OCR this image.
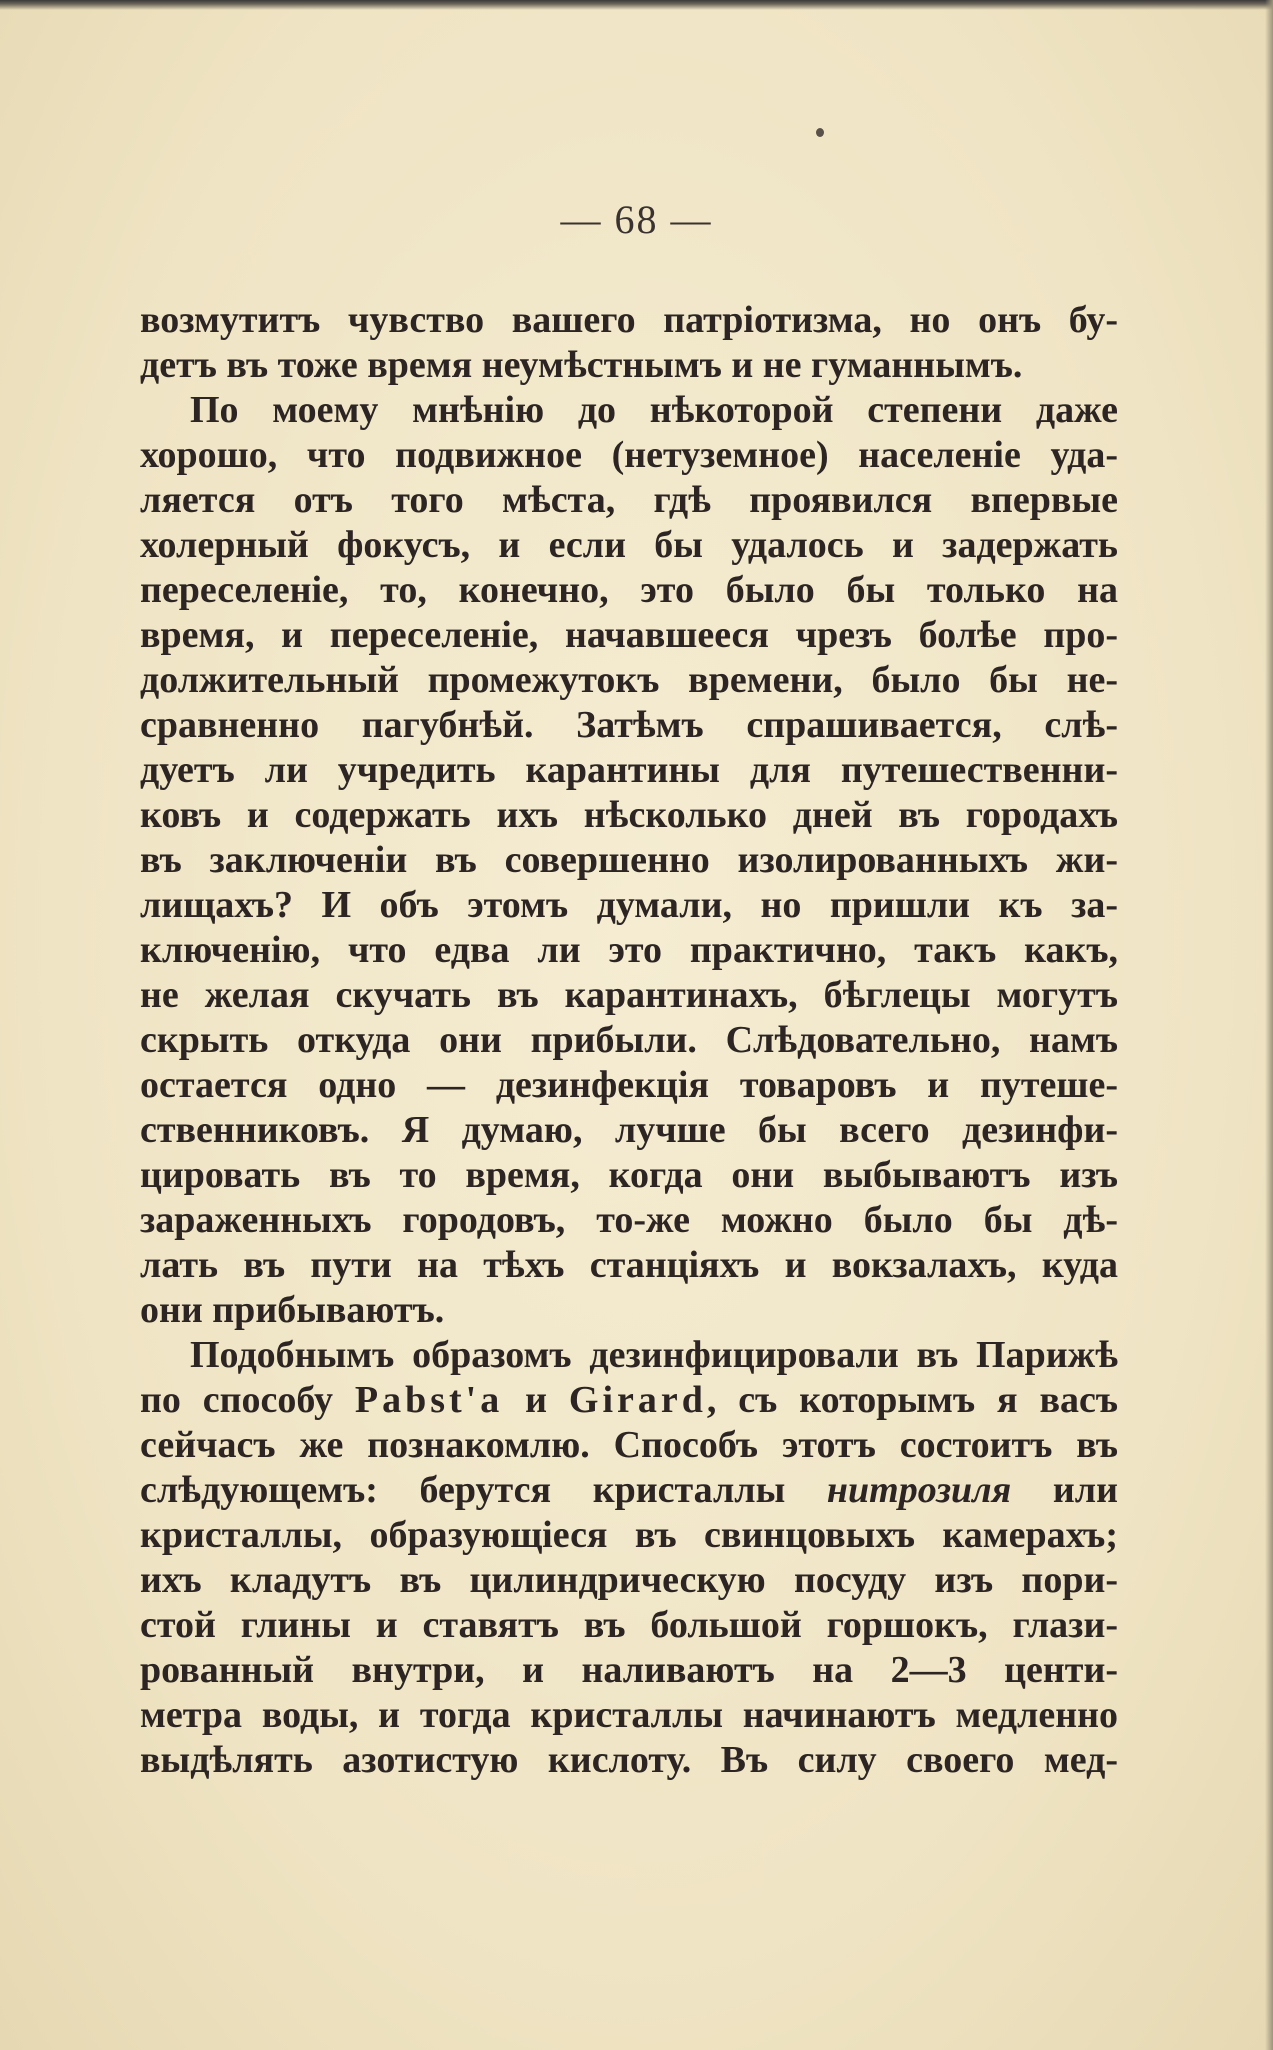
— 68 —
возмутитъ чувство вашего патріотизма, но онъ бу-
детъ въ тоже время неумѣстнымъ и не гуманнымъ.
По моему мнѣнію до нѣкоторой степени даже
хорошо, что подвижное (нетуземное) населеніе уда-
ляется отъ того мѣста, гдѣ проявился впервые
холерный фокусъ, и если бы удалось и задержать
переселеніе, то, конечно, это было бы только на
время, и переселеніе, начавшееся чрезъ болѣе про-
должительный промежутокъ времени, было бы не-
сравненно пагубнѣй. Затѣмъ спрашивается, слѣ-
дуетъ ли учредить карантины для путешественни-
ковъ и содержать ихъ нѣсколько дней въ городахъ
въ заключеніи въ совершенно изолированныхъ жи-
лищахъ? И объ этомъ думали, но пришли къ за-
ключенію, что едва ли это практично, такъ какъ,
не желая скучать въ карантинахъ, бѣглецы могутъ
скрыть откуда они прибыли. Слѣдовательно, намъ
остается одно — дезинфекція товаровъ и путеше-
ственниковъ. Я думаю, лучше бы всего дезинфи-
цировать въ то время, когда они выбываютъ изъ
зараженныхъ городовъ, то-же можно было бы дѣ-
лать въ пути на тѣхъ станціяхъ и вокзалахъ, куда
они прибываютъ.
Подобнымъ образомъ дезинфицировали въ Парижѣ
по способу Pabst'а и Girard, съ которымъ я васъ
сейчасъ же познакомлю. Способъ этотъ состоитъ въ
слѣдующемъ: берутся кристаллы нитрозиля или
кристаллы, образующіеся въ свинцовыхъ камерахъ;
ихъ кладутъ въ цилиндрическую посуду изъ пори-
стой глины и ставятъ въ большой горшокъ, глази-
рованный внутри, и наливаютъ на 2—3 центи-
метра воды, и тогда кристаллы начинаютъ медленно
выдѣлять азотистую кислоту. Въ силу своего мед-
